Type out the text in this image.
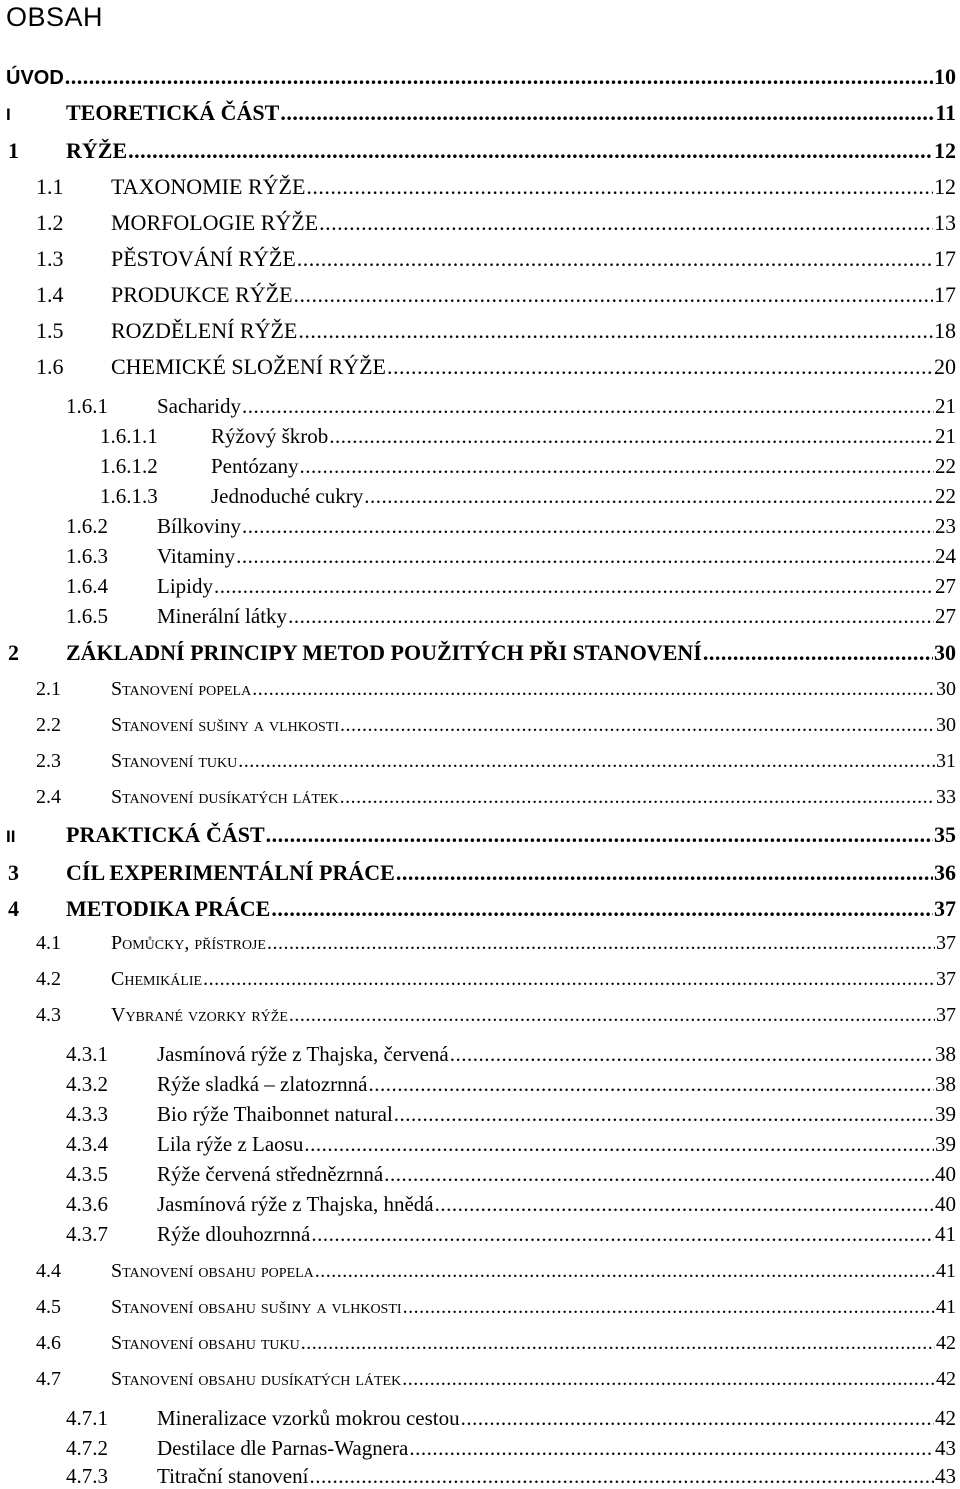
OBSAH
ÚVOD .....	10
I	TEORETICKÁ ČÁST .....	11
1	RÝŽE .....	12
1.1	TAXONOMIE RÝŽE .....	12
1.2	MORFOLOGIE RÝŽE .....	13
1.3	PĚSTOVÁNÍ RÝŽE .....	17
1.4	PRODUKCE RÝŽE .....	17
1.5	ROZDĚLENÍ RÝŽE .....	18
1.6	CHEMICKÉ SLOŽENÍ RÝŽE .....	20
1.6.1	Sacharidy .....	21
1.6.1.1	Rýžový škrob .....	21
1.6.1.2	Pentózany .....	22
1.6.1.3	Jednoduché cukry .....	22
1.6.2	Bílkoviny .....	23
1.6.3	Vitaminy .....	24
1.6.4	Lipidy .....	27
1.6.5	Minerální látky .....	27
2	ZÁKLADNÍ PRINCIPY METOD POUŽITÝCH PŘI STANOVENÍ .....	30
2.1	Stanovení popela .....	30
2.2	Stanovení sušiny a vlhkosti .....	30
2.3	Stanovení tuku .....	31
2.4	Stanovení dusíkatých látek .....	33
II	PRAKTICKÁ ČÁST .....	35
3	CÍL EXPERIMENTÁLNÍ PRÁCE .....	36
4	METODIKA PRÁCE .....	37
4.1	Pomůcky, přístroje .....	37
4.2	Chemikálie .....	37
4.3	Vybrané vzorky rýže .....	37
4.3.1	Jasmínová rýže z Thajska, červená .....	38
4.3.2	Rýže sladká – zlatozrnná .....	38
4.3.3	Bio rýže Thaibonnet natural .....	39
4.3.4	Lila rýže z Laosu .....	39
4.3.5	Rýže červená střednězrnná .....	40
4.3.6	Jasmínová rýže z Thajska, hnědá .....	40
4.3.7	Rýže dlouhozrnná .....	41
4.4	Stanovení obsahu popela .....	41
4.5	Stanovení obsahu sušiny a vlhkosti .....	41
4.6	Stanovení obsahu tuku .....	42
4.7	Stanovení obsahu dusíkatých látek .....	42
4.7.1	Mineralizace vzorků mokrou cestou .....	42
4.7.2	Destilace dle Parnas-Wagnera .....	43
4.7.3	Titrační stanovení .....	43
